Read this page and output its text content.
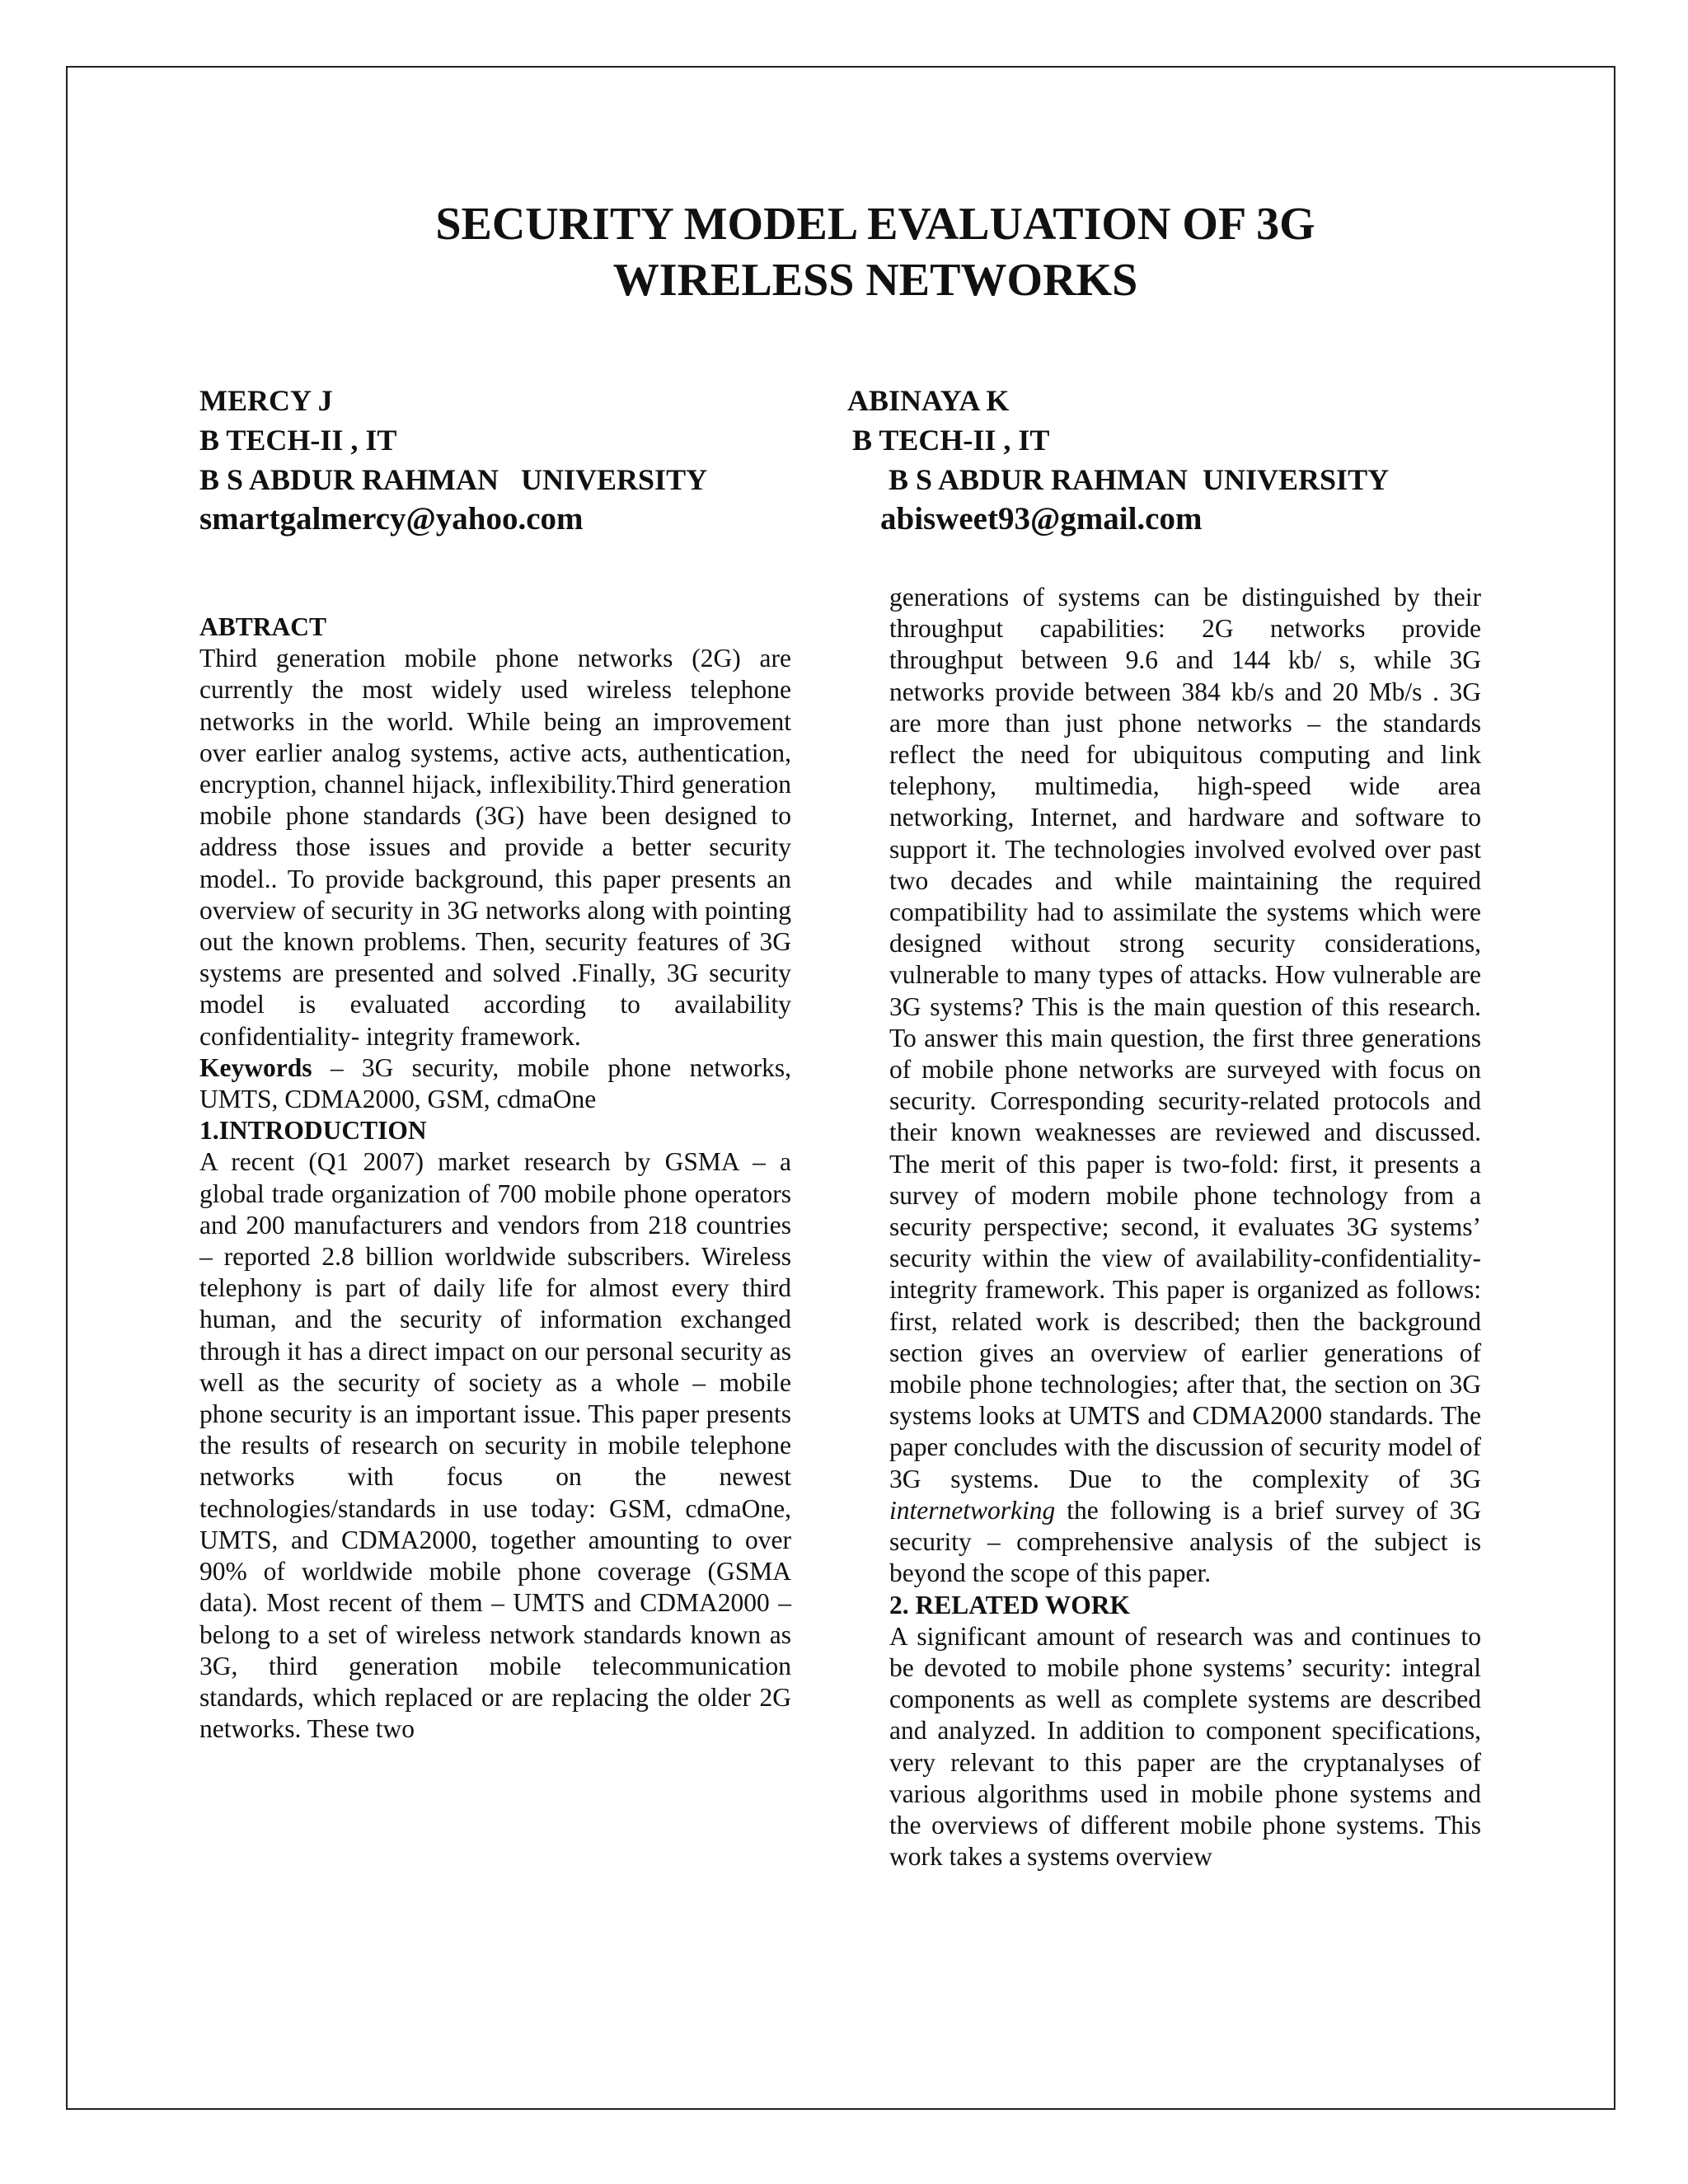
SECURITY MODEL EVALUATION OF 3G
WIRELESS NETWORKS
MERCY J
B TECH-II , IT
B S ABDUR RAHMAN   UNIVERSITY
smartgalmercy@yahoo.com
ABINAYA K
B TECH-II , IT
B S ABDUR RAHMAN  UNIVERSITY
abisweet93@gmail.com

ABTRACT

Third generation mobile phone networks (2G) are currently the most widely used wireless telephone networks in the world. While being an improvement over earlier analog systems, active acts, authentication, encryption, channel hijack, inflexibility.Third generation mobile phone standards (3G) have been designed to address those issues and provide a better security model.. To provide background, this paper presents an overview of security in 3G networks along with pointing out the known problems. Then, security features of 3G systems are presented and solved .Finally, 3G security model is evaluated according to availability confidentiality- integrity framework.

Keywords – 3G security, mobile phone networks, UMTS, CDMA2000, GSM, cdmaOne

1.INTRODUCTION

A recent (Q1 2007) market research by GSMA – a global trade organization of 700 mobile phone operators and 200 manufacturers and vendors from 218 countries – reported 2.8 billion worldwide subscribers. Wireless telephony is part of daily life for almost every third human, and the security of information exchanged through it has a direct impact on our personal security as well as the security of society as a whole – mobile phone security is an important issue. This paper presents the results of research on security in mobile telephone networks with focus on the newest technologies/standards in use today: GSM, cdmaOne, UMTS, and CDMA2000, together amounting to over 90% of worldwide mobile phone coverage (GSMA data). Most recent of them – UMTS and CDMA2000 – belong to a set of wireless network standards known as 3G, third generation mobile telecommunication standards, which replaced or are replacing the older 2G networks. These two

generations of systems can be distinguished by their throughput capabilities: 2G networks provide throughput between 9.6 and 144 kb/ s, while 3G networks provide between 384 kb/s and 20 Mb/s . 3G are more than just phone networks – the standards reflect the need for ubiquitous computing and link telephony, multimedia, high-speed wide area networking, Internet, and hardware and software to support it. The technologies involved evolved over past two decades and while maintaining the required compatibility had to assimilate the systems which were designed without strong security considerations, vulnerable to many types of attacks. How vulnerable are 3G systems? This is the main question of this research. To answer this main question, the first three generations of mobile phone networks are surveyed with focus on security. Corresponding security-related protocols and their known weaknesses are reviewed and discussed. The merit of this paper is two-fold: first, it presents a survey of modern mobile phone technology from a security perspective; second, it evaluates 3G systems’ security within the view of availability-confidentiality-integrity framework. This paper is organized as follows: first, related work is described; then the background section gives an overview of earlier generations of mobile phone technologies; after that, the section on 3G systems looks at UMTS and CDMA2000 standards. The paper concludes with the discussion of security model of 3G systems. Due to the complexity of 3G internetworking the following is a brief survey of 3G security – comprehensive analysis of the subject is beyond the scope of this paper.

2. RELATED WORK

A significant amount of research was and continues to be devoted to mobile phone systems’ security: integral components as well as complete systems are described and analyzed. In addition to component specifications, very relevant to this paper are the cryptanalyses of various algorithms used in mobile phone systems and the overviews of different mobile phone systems. This work takes a systems overview
